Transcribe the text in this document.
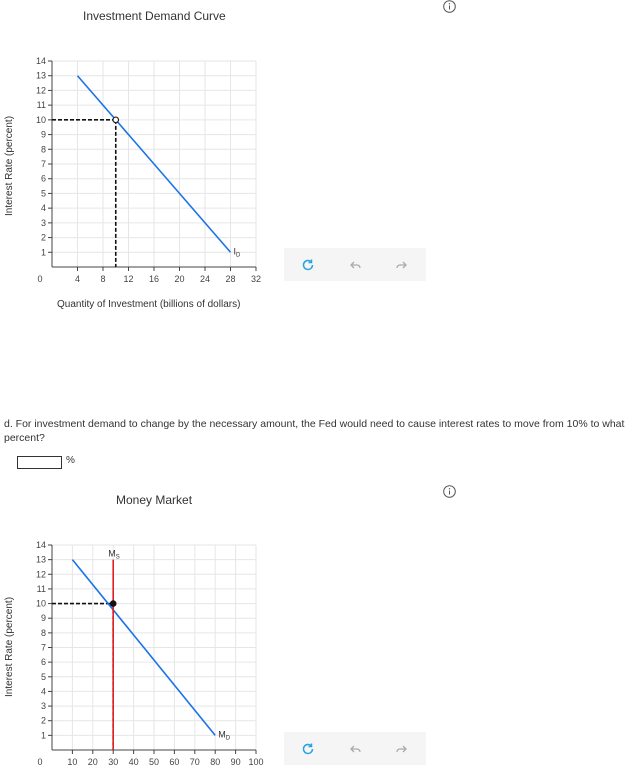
Investment Demand Curve
Interest Rate (percent)
1
2
3
4
5
6
7
8
9
10
11
12
13
14
4 8 12 16 20 24 28 32
0
$I_D$
Quantity of Investment (billions of dollars)
d. For investment demand to change by the necessary amount, the Fed would need to cause interest rates to move from 10% to what percent?
%
Money Market
Interest Rate (percent)
1
2
3
4
5
6
7
8
9
10
11
12
13
14
10 20 30 40 50 60 70 80 90 100
0
$M_D$
$M_S$
